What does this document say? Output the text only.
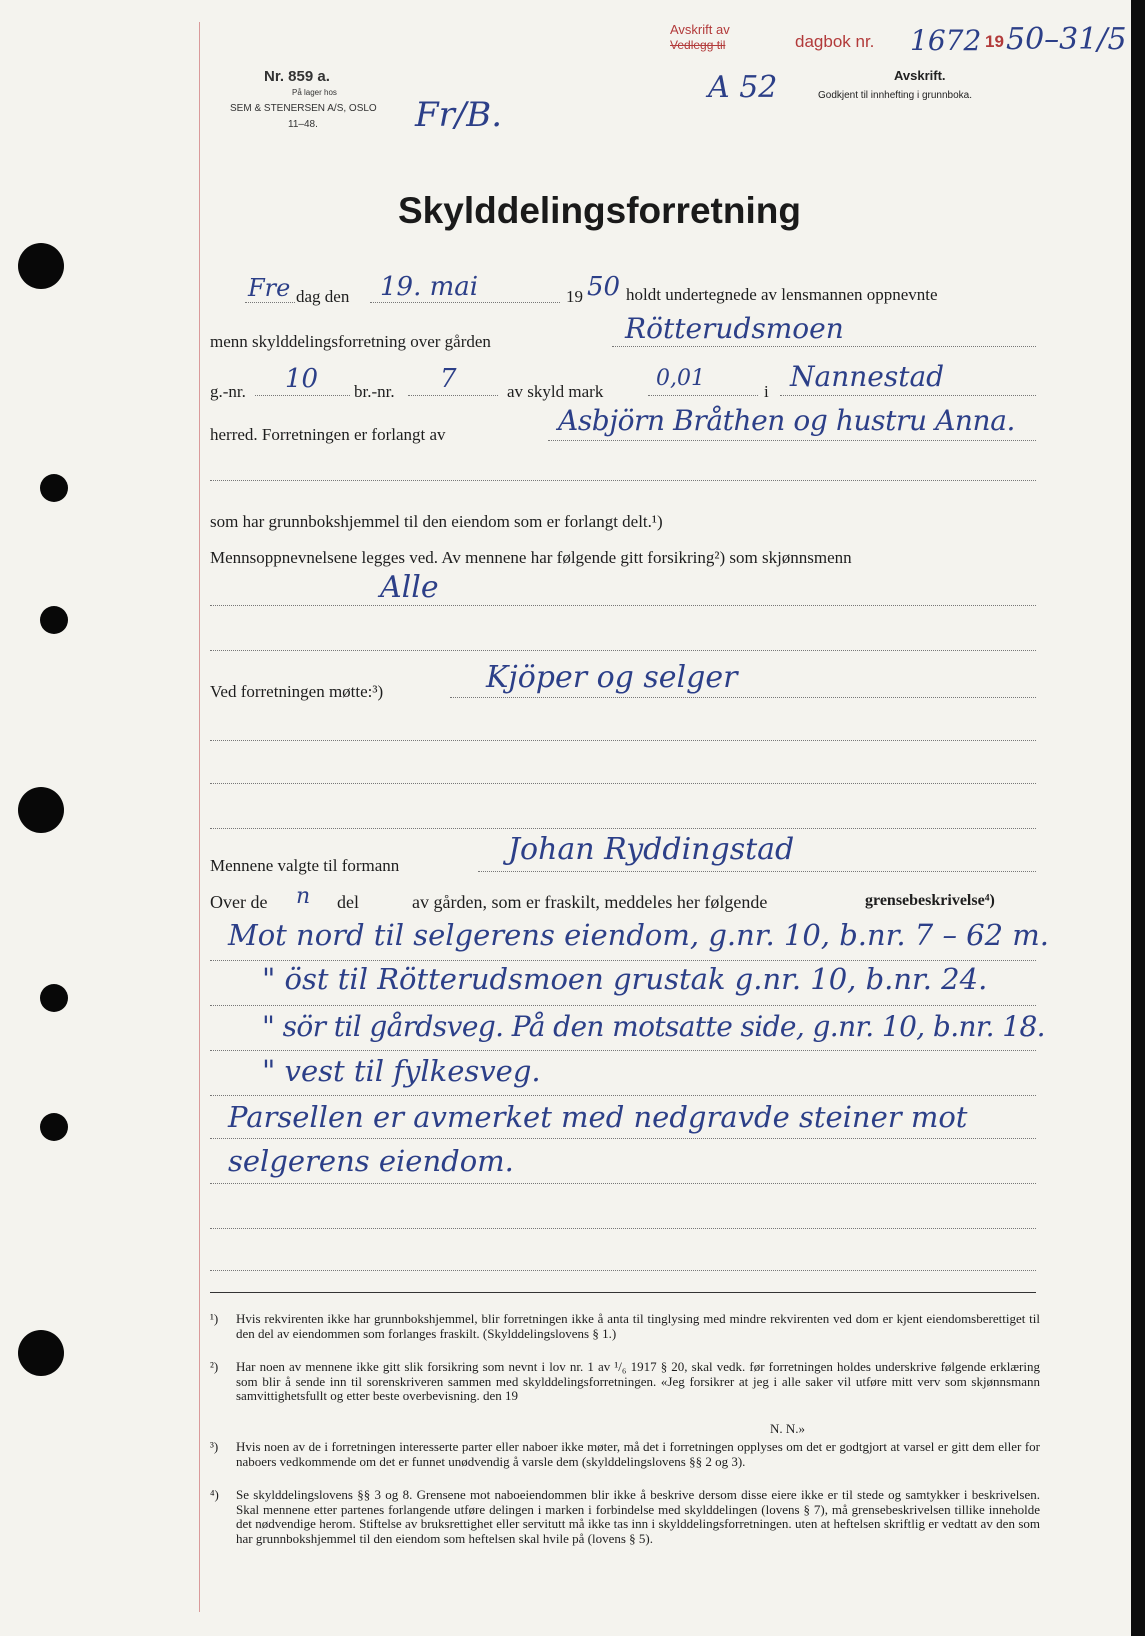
Nr. 859 a.
På lager hos
SEM & STENERSEN A/S, OSLO
11–48.	Fr/B.
Avskrift av
Vedlegg til	dagbok nr. 1672 19 50–31/5
A 52	Avskrift.
Godkjent til innhefting i grunnboka.
Skylddelingsforretning
Fre dag den 19. mai	19 50 holdt undertegnede av lensmannen oppnevnte
menn skylddelingsforretning over gården	Rötterudsmoen
g.-nr. 10 br.-nr. 7	av skyld mark
0,01
i Nannestad
herred. Forretningen er forlangt av	Asbjörn Bråthen og hustru Anna.
som har grunnbokshjemmel til den eiendom som er forlangt delt.¹)
Mennsoppnevnelsene legges ved. Av mennene har følgende gitt forsikring²) som skjønnsmenn
Alle
Ved forretningen møtte:³)	Kjöper og selger
Mennene valgte til formann	Johan Ryddingstad
Over de n del	av gården, som er fraskilt, meddeles her følgende	grensebeskrivelse⁴)
Mot nord til selgerens eiendom, g.nr. 10, b.nr. 7 – 62 m.
" öst til Rötterudsmoen grustak g.nr. 10, b.nr. 24.
" sör til gårdsveg. På den motsatte side, g.nr. 10, b.nr. 18.
" vest til fylkesveg.
Parsellen er avmerket med nedgravde steiner mot
selgerens eiendom.
¹) Hvis rekvirenten ikke har grunnbokshjemmel, blir forretningen ikke å anta til tinglysing med mindre rekvirenten ved dom er kjent eiendomsberettiget til den del av eiendommen som forlanges fraskilt. (Skylddelingslovens § 1.)
²) Har noen av mennene ikke gitt slik forsikring som nevnt i lov nr. 1 av ¹/₆ 1917 § 20, skal vedk. før forretningen holdes underskrive følgende erklæring som blir å sende inn til sorenskriveren sammen med skylddelingsforretningen. «Jeg forsikrer at jeg i alle saker vil utføre mitt verv som skjønnsmann samvittighetsfullt og etter beste overbevisning. den 19
N. N.»
³) Hvis noen av de i forretningen interesserte parter eller naboer ikke møter, må det i forretningen opplyses om det er godtgjort at varsel er gitt dem eller for naboers vedkommende om det er funnet unødvendig å varsle dem (skylddelingslovens §§ 2 og 3).
⁴) Se skylddelingslovens §§ 3 og 8. Grensene mot naboeiendommen blir ikke å beskrive dersom disse eiere ikke er til stede og samtykker i beskrivelsen. Skal mennene etter partenes forlangende utføre delingen i marken i forbindelse med skylddelingen (lovens § 7), må grensebeskrivelsen tillike inneholde det nødvendige herom. Stiftelse av bruksrettighet eller servitutt må ikke tas inn i skylddelingsforretningen. uten at heftelsen skriftlig er vedtatt av den som har grunnbokshjemmel til den eiendom som heftelsen skal hvile på (lovens § 5).
